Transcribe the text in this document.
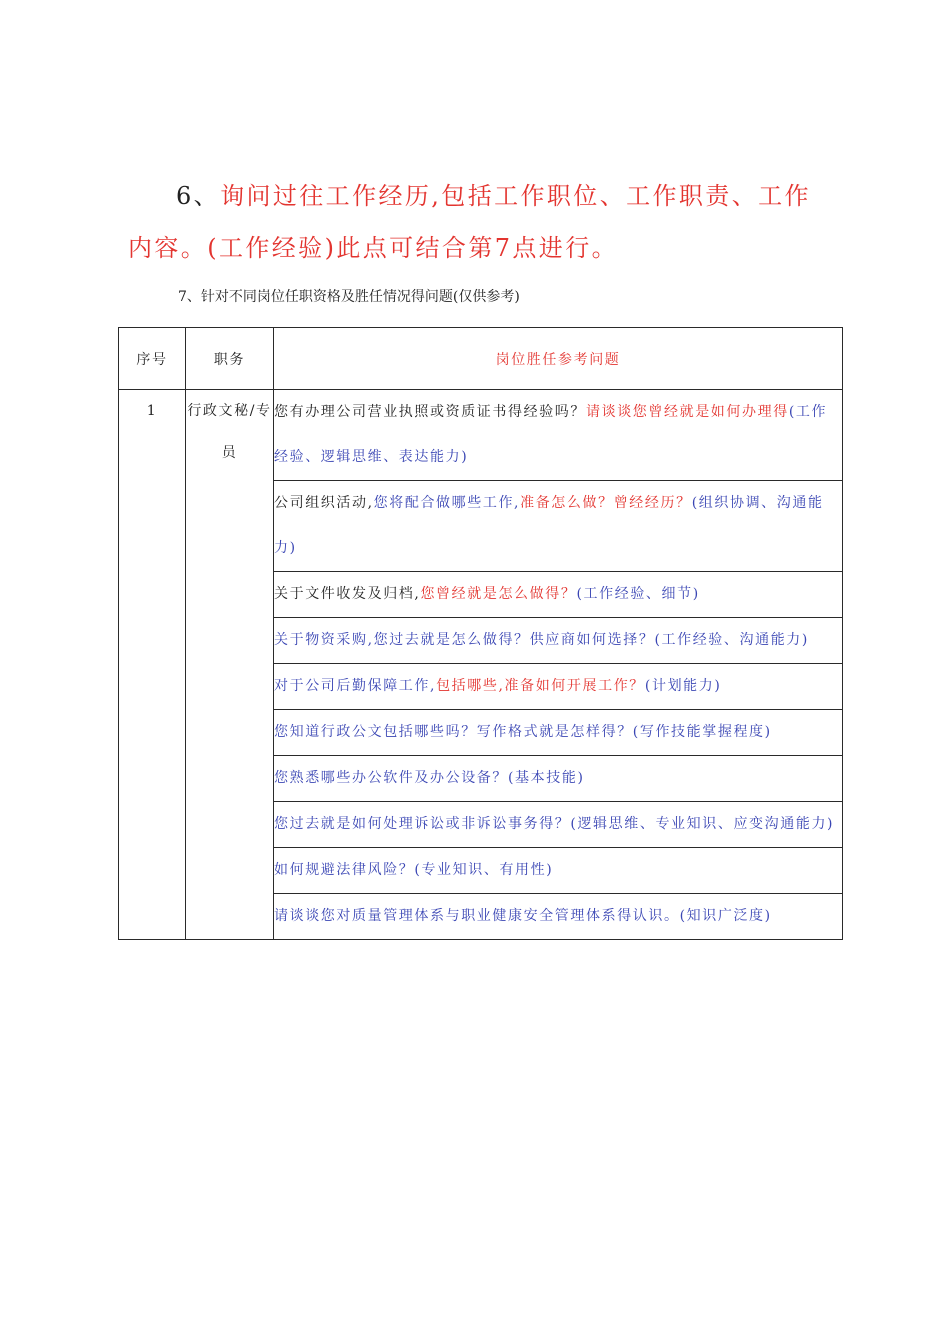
6、询问过往工作经历,包括工作职位、工作职责、工作内容。(工作经验)此点可结合第7点进行。

7、针对不同岗位任职资格及胜任情况得问题(仅供参考)

序号	职务	岗位胜任参考问题
1	行政文秘/专员	您有办理公司营业执照或资质证书得经验吗？请谈谈您曾经就是如何办理得(工作经验、逻辑思维、表达能力)
		公司组织活动,您将配合做哪些工作,准备怎么做？曾经经历？(组织协调、沟通能力)
		关于文件收发及归档,您曾经就是怎么做得？(工作经验、细节)
		关于物资采购,您过去就是怎么做得？供应商如何选择？(工作经验、沟通能力)
		对于公司后勤保障工作,包括哪些,准备如何开展工作？(计划能力)
		您知道行政公文包括哪些吗？写作格式就是怎样得？(写作技能掌握程度)
		您熟悉哪些办公软件及办公设备？(基本技能)
		您过去就是如何处理诉讼或非诉讼事务得？(逻辑思维、专业知识、应变沟通能力)
		如何规避法律风险？(专业知识、有用性)
		请谈谈您对质量管理体系与职业健康安全管理体系得认识。(知识广泛度)
